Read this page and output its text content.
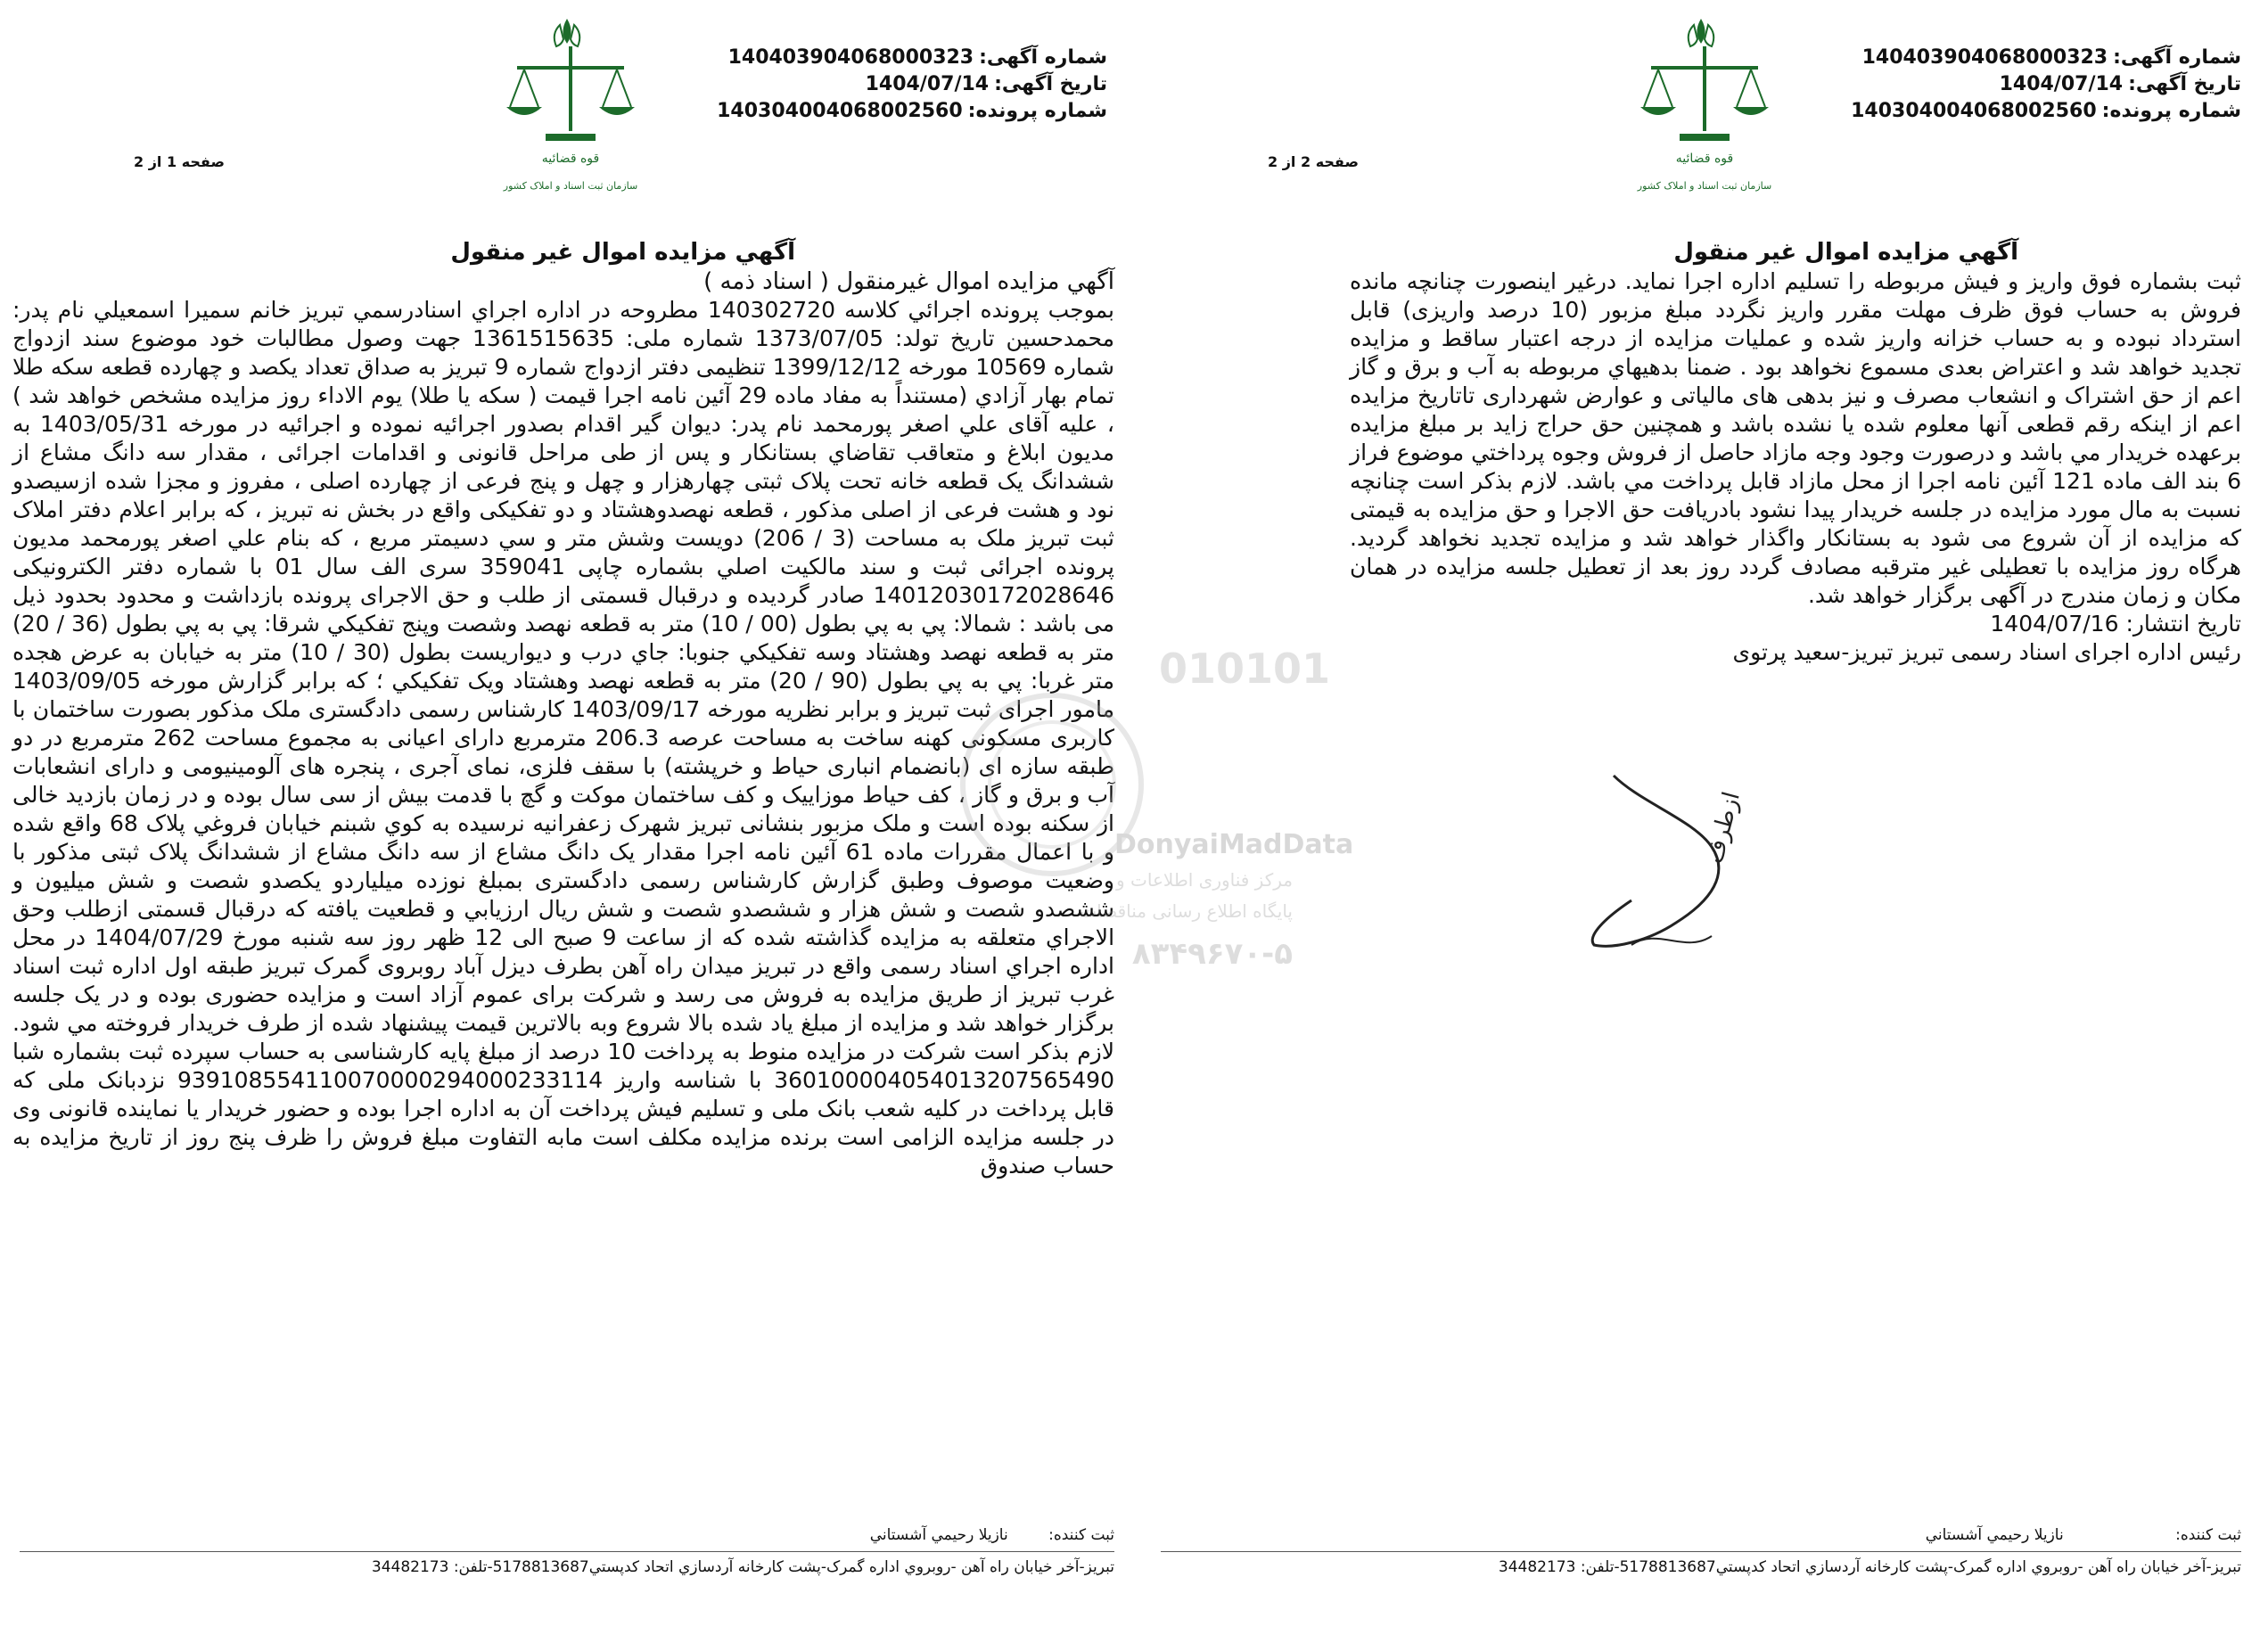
شماره آگهی:140403904068000323
تاریخ آگهی:1404/07/14
شماره پرونده:140304004068002560
قوه قضائیه
سازمان ثبت اسناد و املاک کشور
صفحه 2 از 2
آگهي مزايده اموال غير منقول

ثبت بشماره فوق واريز و فيش مربوطه را تسليم اداره اجرا نمايد. درغير اينصورت چنانچه مانده فروش به حساب فوق ظرف مهلت مقرر واريز نگردد مبلغ مزبور (10 درصد واريزی) قابل استرداد نبوده و به حساب خزانه واريز شده و عمليات مزايده از درجه اعتبار ساقط و مزايده تجديد خواهد شد و اعتراض بعدی مسموع نخواهد بود . ضمنا بدهيهاي مربوطه به آب و برق و گاز اعم از حق اشتراک و انشعاب مصرف و نيز بدهی های مالياتی و عوارض شهرداری تاتاريخ مزايده اعم از اينکه رقم قطعی آنها معلوم شده يا نشده باشد و همچنين حق حراج زايد بر مبلغ مزايده برعهده خريدار مي باشد و درصورت وجود وجه مازاد حاصل از فروش وجوه پرداختي موضوع فراز 6 بند الف ماده 121 آئين نامه اجرا از محل مازاد قابل پرداخت مي باشد. لازم بذکر است چنانچه نسبت به مال مورد مزايده در جلسه خريدار پيدا نشود بادريافت حق الاجرا و حق مزايده به قيمتی که مزايده از آن شروع می شود به بستانکار واگذار خواهد شد و مزايده تجديد نخواهد گرديد. هرگاه روز مزايده با تعطيلی غير مترقبه مصادف گردد روز بعد از تعطيل جلسه مزايده در همان مکان و زمان مندرج در آگهی برگزار خواهد شد.

تاريخ انتشار: 1404/07/16

رئيس اداره اجرای اسناد رسمی تبريز تبريز-سعيد پرتوی

ثبت كننده: نازيلا رحيمي آشستاني
تبريز-آخر خيابان راه آهن -روبروي اداره گمرک-پشت کارخانه آردسازي اتحاد کدپستي5178813687-تلفن: 34482173
شماره آگهی:140403904068000323
تاریخ آگهی:1404/07/14
شماره پرونده:140304004068002560
قوه قضائیه
سازمان ثبت اسناد و املاک کشور
صفحه 1 از 2
آگهي مزايده اموال غير منقول

آگهي مزايده اموال غيرمنقول ( اسناد ذمه )

بموجب پرونده اجرائي کلاسه 140302720 مطروحه در اداره اجراي اسنادرسمي تبريز خانم سميرا اسمعيلي نام پدر: محمدحسين تاريخ تولد: 1373/07/05 شماره ملی: 1361515635 جهت وصول مطالبات خود موضوع سند ازدواج شماره 10569 مورخه 1399/12/12 تنظيمی دفتر ازدواج شماره 9 تبريز به صداق تعداد يکصد و چهارده قطعه سکه طلا تمام بهار آزادي (مستنداً به مفاد ماده 29 آئين نامه اجرا قيمت ( سکه يا طلا) يوم الاداء روز مزايده مشخص خواهد شد ) ، عليه آقای علي اصغر پورمحمد نام پدر: ديوان گير اقدام بصدور اجرائيه نموده و اجرائيه در مورخه 1403/05/31 به مديون ابلاغ و متعاقب تقاضاي بستانکار و پس از طی مراحل قانونی و اقدامات اجرائی ، مقدار سه دانگ مشاع از ششدانگ يک قطعه خانه تحت پلاک ثبتی چهارهزار و چهل و پنج فرعی از چهارده اصلی ، مفروز و مجزا شده ازسيصدو نود و هشت فرعی از اصلی مذکور ، قطعه نهصدوهشتاد و دو تفکيکی واقع در بخش نه تبريز ، که برابر اعلام دفتر املاک ثبت تبريز ملک به مساحت (3 / 206) دويست وشش متر و سي دسيمتر مربع ، که بنام علي اصغر پورمحمد مديون پرونده اجرائی ثبت و سند مالکيت اصلي بشماره چاپی 359041 سری الف سال 01 با شماره دفتر الکترونيکی 14012030172028646 صادر گرديده و درقبال قسمتی از طلب و حق الاجرای پرونده بازداشت و محدود بحدود ذيل می باشد : شمالا: پي به پي بطول (00 / 10) متر به قطعه نهصد وشصت وپنج تفکيکي شرقا: پي به پي بطول (36 / 20) متر به قطعه نهصد وهشتاد وسه تفکيکي جنوبا: جاي درب و ديواريست بطول (30 / 10) متر به خيابان به عرض هجده متر غربا: پي به پي بطول (90 / 20) متر به قطعه نهصد وهشتاد ويک تفکيکي ؛ که برابر گزارش مورخه 1403/09/05 مامور اجرای ثبت تبريز و برابر نظريه مورخه 1403/09/17 کارشناس رسمی دادگستری ملک مذکور بصورت ساختمان با کاربری مسکونی کهنه ساخت به مساحت عرصه 206.3 مترمربع دارای اعيانی به مجموع مساحت 262 مترمربع در دو طبقه سازه ای (بانضمام انباری حياط و خرپشته) با سقف فلزی، نمای آجری ، پنجره های آلومينيومی و دارای انشعابات آب و برق و گاز ، کف حياط موزاييک و کف ساختمان موکت و گچ با قدمت بيش از سی سال بوده و در زمان بازديد خالی از سکنه بوده است و ملک مزبور بنشانی تبريز شهرک زعفرانيه نرسيده به کوي شبنم خيابان فروغي پلاک 68 واقع شده و با اعمال مقررات ماده 61 آئين نامه اجرا مقدار يک دانگ مشاع از سه دانگ مشاع از ششدانگ پلاک ثبتی مذکور با وضعيت موصوف وطبق گزارش کارشناس رسمی دادگستری بمبلغ نوزده ميلياردو يکصدو شصت و شش ميليون و ششصدو شصت و شش هزار و ششصدو شصت و شش ريال ارزيابي و قطعيت يافته که درقبال قسمتی ازطلب وحق الاجراي متعلقه به مزايده گذاشته شده که از ساعت 9 صبح الی 12 ظهر روز سه شنبه مورخ 1404/07/29 در محل اداره اجراي اسناد رسمی واقع در تبريز ميدان راه آهن بطرف ديزل آباد روبروی گمرک تبريز طبقه اول اداره ثبت اسناد غرب تبريز از طريق مزايده به فروش می رسد و شرکت برای عموم آزاد است و مزايده حضوری بوده و در يک جلسه برگزار خواهد شد و مزايده از مبلغ ياد شده بالا شروع وبه بالاترين قيمت پيشنهاد شده از طرف خريدار فروخته مي شود. لازم بذکر است شرکت در مزايده منوط به پرداخت 10 درصد از مبلغ پايه کارشناسی به حساب سپرده ثبت بشماره شبا 360100004054013207565490 با شناسه واريز 939108554110070000294000233114 نزدبانک ملی که قابل پرداخت در کليه شعب بانک ملی و تسليم فيش پرداخت آن به اداره اجرا بوده و حضور خريدار يا نماينده قانونی وی در جلسه مزايده الزامی است برنده مزايده مکلف است مابه التفاوت مبلغ فروش را ظرف پنج روز از تاريخ مزايده به حساب صندوق

ثبت كننده: نازيلا رحيمي آشستاني
تبريز-آخر خيابان راه آهن -روبروي اداره گمرک-پشت کارخانه آردسازي اتحاد کدپستي5178813687-تلفن: 34482173
010101
DonyaiMadData
مرکز فناوری اطلاعات و
پایگاه اطلاع رسانی مناقصات
۸۳۴۹۶۷۰-۵
ازطرف
